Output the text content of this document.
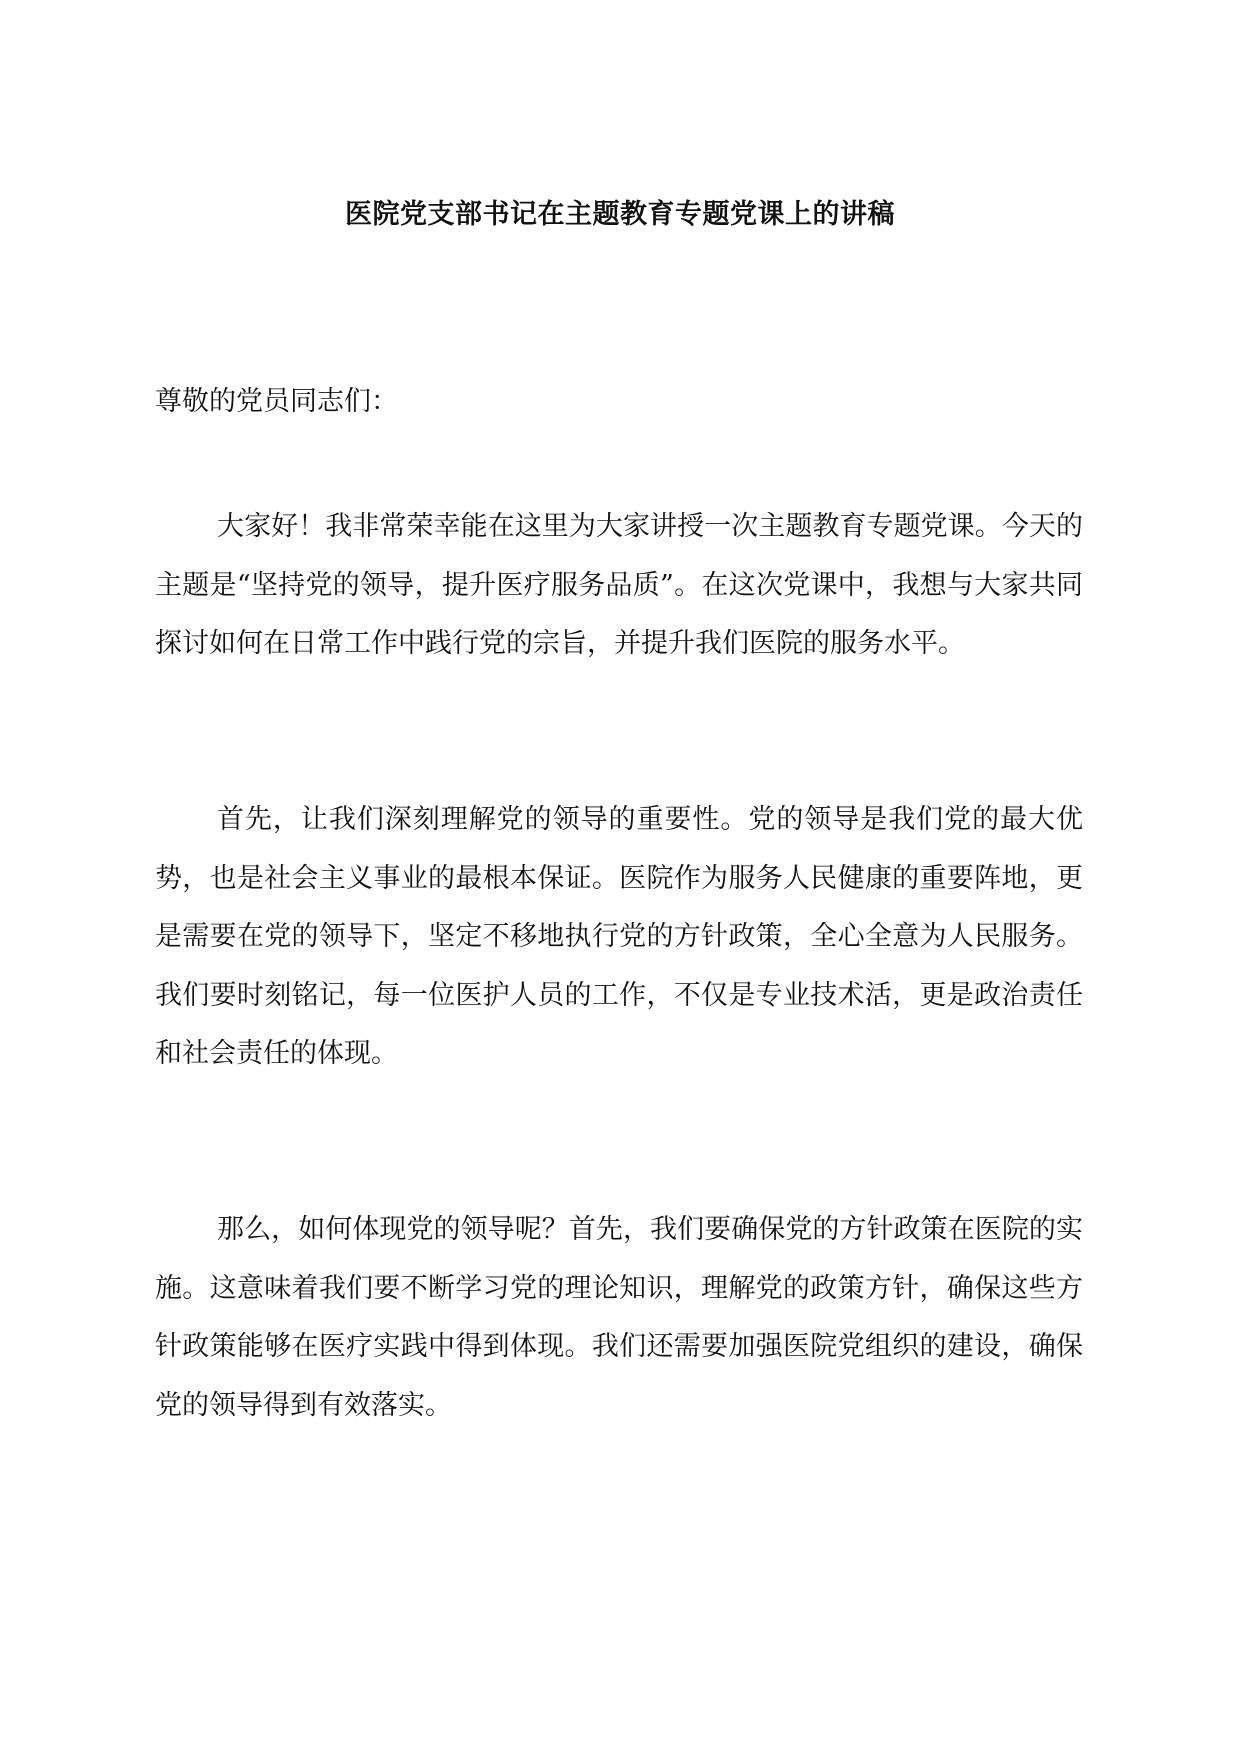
医院党支部书记在主题教育专题党课上的讲稿
尊敬的党员同志们：

大家好！我非常荣幸能在这里为大家讲授一次主题教育专题党课。今天的主题是“坚持党的领导，提升医疗服务品质”。在这次党课中，我想与大家共同探讨如何在日常工作中践行党的宗旨，并提升我们医院的服务水平。

首先，让我们深刻理解党的领导的重要性。党的领导是我们党的最大优势，也是社会主义事业的最根本保证。医院作为服务人民健康的重要阵地，更是需要在党的领导下，坚定不移地执行党的方针政策，全心全意为人民服务。我们要时刻铭记，每一位医护人员的工作，不仅是专业技术活，更是政治责任和社会责任的体现。

那么，如何体现党的领导呢？首先，我们要确保党的方针政策在医院的实施。这意味着我们要不断学习党的理论知识，理解党的政策方针，确保这些方针政策能够在医疗实践中得到体现。我们还需要加强医院党组织的建设，确保党的领导得到有效落实。
